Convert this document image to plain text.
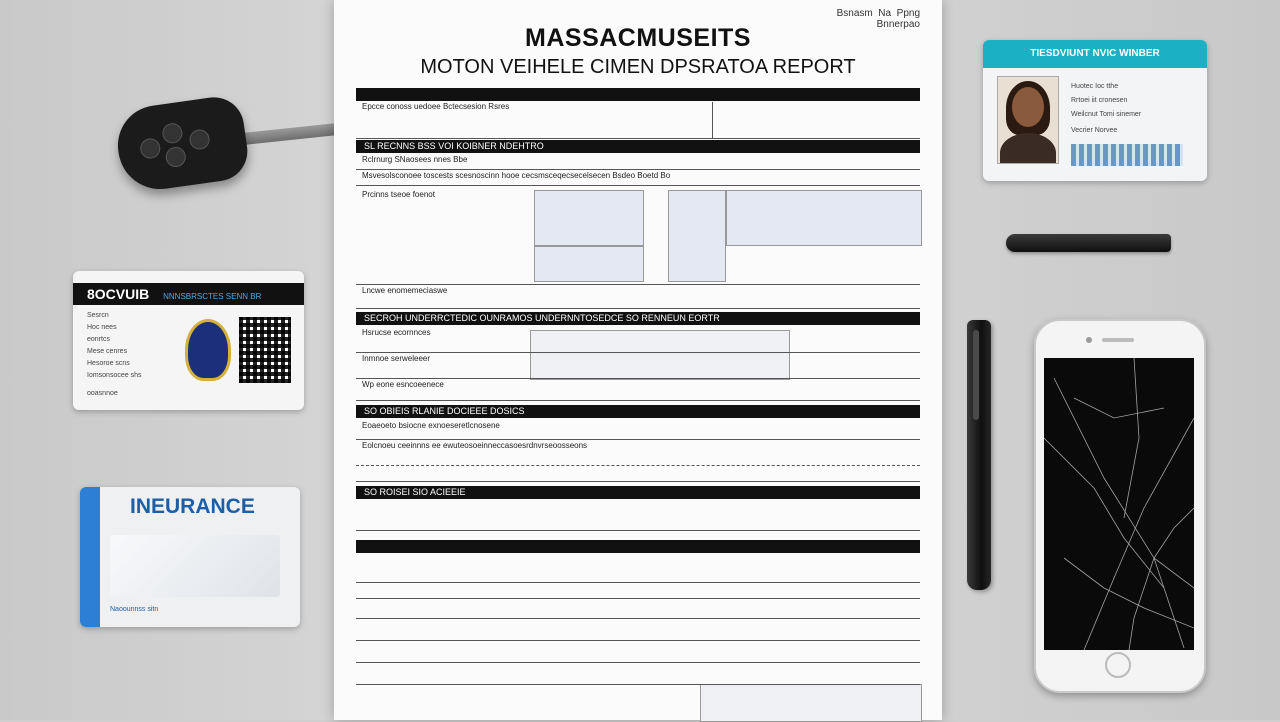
8OCVUIB NNNSBRSCTES SENN BR
Sesrcn
Hoc nees
eonrtcs
Mese cenres
Hesoroe scns
Iomsonsocee shs
ooasnnoe
INEURANCE
Naoounnss sitn
Bsnasm  Na  Ppng
Bnnerpao
MASSACMUSEITS
MOTON VEIHELE CIMEN DPSRATOA REPORT
Epcce conoss uedoee Bctecsesion Rsres
SL RECNNS BSS VOI KOIBNER NDEHTRO
Rclrnurg SNaosees nnes Bbe
Msvesolsconoee toscests scesnoscinn hooe cecsmsceqecsecelsecen Bsdeo Boetd Bo
Prcinns tseoe foenot
Lncwe enomemeciaswe
SECROH UNDERRCTEDIC OUNRAMOS UNDERNNTOSEDCE SO RENNEUN EORTR
Hsrucse ecornnces
Inmnoe serweleeer
Wp eone esncoeenece
SO OBIEIS RLANIE DOCIEEE DOSICS
Eoaeoeto bsiocne exnoeseretlcnosene
Eolcnoeu ceeinnns ee ewuteosoeinneccasoesrdnvrseoosseons
SO ROISEI SIO ACIEEIE
TIESDVIUNT NVIC WINBER
Huotec Ioc tthe
Rrtoei iit cronesen
Weilcnut Tomi sinemer
Vecrier Norvee
